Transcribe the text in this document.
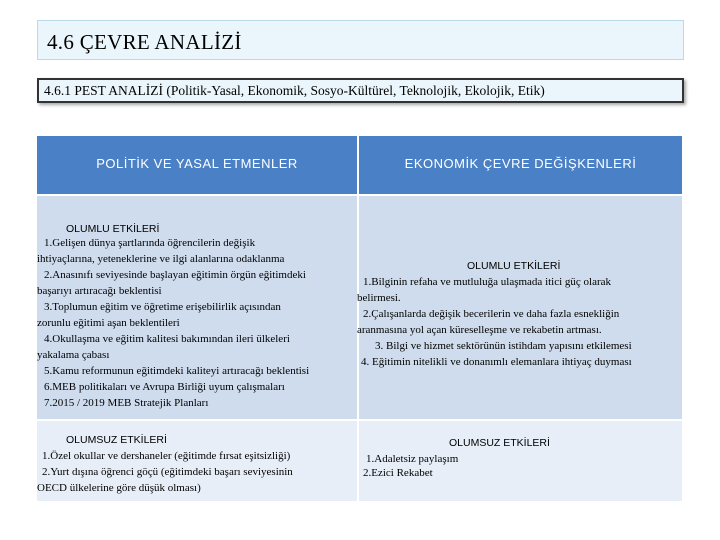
4.6 ÇEVRE ANALİZİ
4.6.1 PEST ANALİZİ (Politik-Yasal, Ekonomik, Sosyo-Kültürel, Teknolojik, Ekolojik, Etik)
POLİTİK VE YASAL ETMENLER	EKONOMİK ÇEVRE DEĞİŞKENLERİ
OLUMLU ETKİLERİ
1.Gelişen dünya şartlarında öğrencilerin değişik
ihtiyaçlarına, yeteneklerine ve ilgi alanlarına odaklanma
2.Anasınıfı seviyesinde başlayan eğitimin örgün eğitimdeki
başarıyı artıracağı beklentisi
3.Toplumun eğitim ve öğretime erişebilirlik açısından
zorunlu eğitimi aşan beklentileri
4.Okullaşma ve eğitim kalitesi bakımından ileri ülkeleri
yakalama çabası
5.Kamu reformunun eğitimdeki kaliteyi artıracağı beklentisi
6.MEB politikaları ve Avrupa Birliği uyum çalışmaları
7.2015 / 2019 MEB Stratejik Planları
OLUMLU ETKİLERİ
1.Bilginin refaha ve mutluluğa ulaşmada itici güç olarak
belirmesi.
2.Çalışanlarda değişik becerilerin ve daha fazla esnekliğin
aranmasına yol açan küreselleşme ve rekabetin artması.
3. Bilgi ve hizmet sektörünün istihdam yapısını etkilemesi
4. Eğitimin nitelikli ve donanımlı elemanlara ihtiyaç duyması
OLUMSUZ ETKİLERİ
1.Özel okullar ve dershaneler (eğitimde fırsat eşitsizliği)
2.Yurt dışına öğrenci göçü (eğitimdeki başarı seviyesinin
OECD ülkelerine göre düşük olması)
OLUMSUZ ETKİLERİ
1.Adaletsiz paylaşım
2.Ezici Rekabet
